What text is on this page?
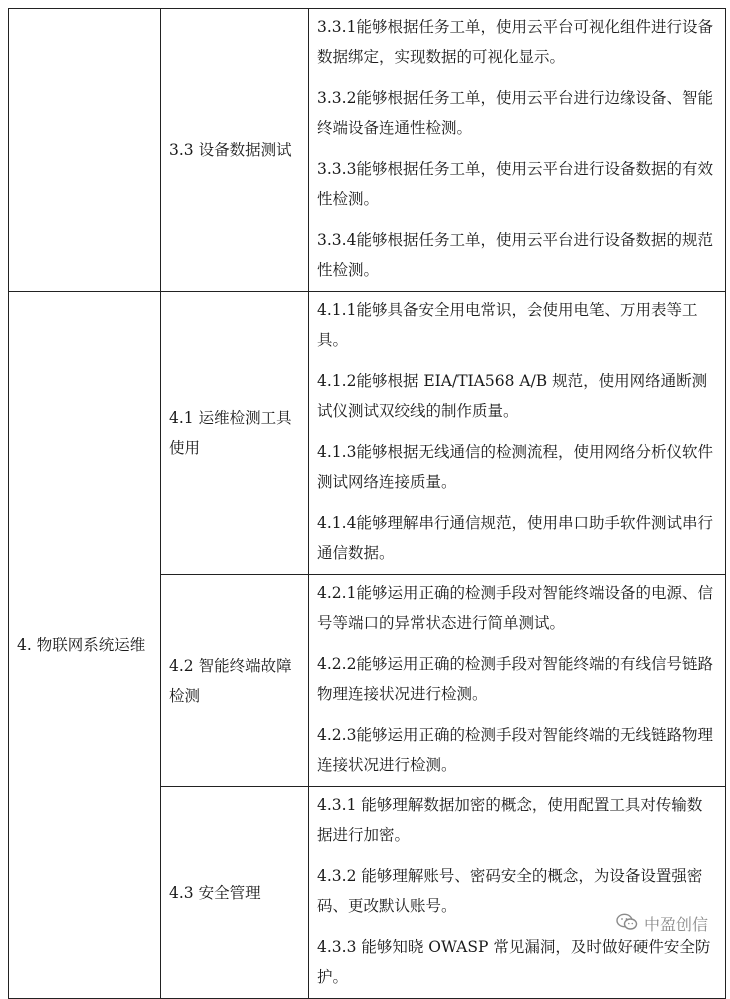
	3.3 设备数据测试	3.3.1能够根据任务工单，使用云平台可视化组件进行设备数据绑定，实现数据的可视化显示。

3.3.2能够根据任务工单，使用云平台进行边缘设备、智能终端设备连通性检测。

3.3.3能够根据任务工单，使用云平台进行设备数据的有效性检测。

3.3.4能够根据任务工单，使用云平台进行设备数据的规范性检测。

4. 物联网系统运维	4.1 运维检测工具使用	4.1.1能够具备安全用电常识，会使用电笔、万用表等工具。

4.1.2能够根据 EIA/TIA568 A/B 规范，使用网络通断测试仪测试双绞线的制作质量。

4.1.3能够根据无线通信的检测流程，使用网络分析仪软件测试网络连接质量。

4.1.4能够理解串行通信规范，使用串口助手软件测试串行通信数据。

	4.2 智能终端故障检测	4.2.1能够运用正确的检测手段对智能终端设备的电源、信号等端口的异常状态进行简单测试。

4.2.2能够运用正确的检测手段对智能终端的有线信号链路物理连接状况进行检测。

4.2.3能够运用正确的检测手段对智能终端的无线链路物理连接状况进行检测。

	4.3 安全管理	4.3.1 能够理解数据加密的概念，使用配置工具对传输数据进行加密。

4.3.2 能够理解账号、密码安全的概念，为设备设置强密码、更改默认账号。

4.3.3 能够知晓 OWASP 常见漏洞，及时做好硬件安全防护。

中盈创信
